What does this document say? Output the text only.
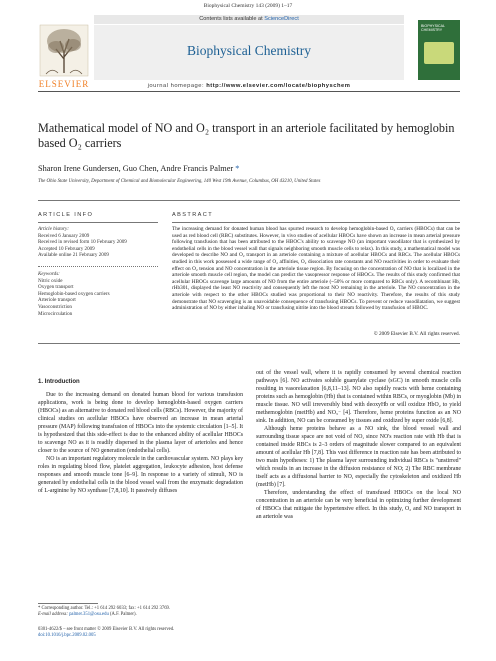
Biophysical Chemistry 143 (2009) 1–17
ELSEVIER
Contents lists available at ScienceDirect
Biophysical Chemistry
journal homepage: http://www.elsevier.com/locate/biophyschem
BIOPHYSICAL CHEMISTRY
Mathematical model of NO and O₂ transport in an arteriole facilitated by hemoglobin based O₂ carriers
Sharon Irene Gundersen, Guo Chen, Andre Francis Palmer *
The Ohio State University, Department of Chemical and Biomolecular Engineering, 140 West 19th Avenue, Columbus, OH 43210, United States
ARTICLE INFO	ABSTRACT
Article history:
Received 6 January 2009
Received in revised form 10 February 2009
Accepted 10 February 2009
Available online 21 February 2009
Keywords:
Nitric oxide
Oxygen transport
Hemoglobin-based oxygen carriers
Arteriole transport
Vasoconstriction
Microcirculation
The increasing demand for donated human blood has spurred research to develop hemoglobin-based O₂ carriers (HBOCs) that can be used as red blood cell (RBC) substitutes. However, in vivo studies of acellular HBOCs have shown an increase in mean arterial pressure following transfusion that has been attributed to the HBOC's ability to scavenge NO (an important vasodilator that is synthesized by endothelial cells in the blood vessel wall that signals neighboring smooth muscle cells to relax). In this study, a mathematical model was developed to describe NO and O₂ transport in an arteriole containing a mixture of acellular HBOCs and RBCs. The acellular HBOCs studied in this work possessed a wide range of O₂ affinities, O₂ dissociation rate constants and NO reactivities in order to evaluate their effect on O₂ tension and NO concentration in the arteriole tissue region. By focusing on the concentration of NO that is localized in the arteriole smooth muscle cell region, the model can predict the vasopressor response of HBOCs. The results of this study confirmed that acellular HBOCs scavenge large amounts of NO from the entire arteriole (~50% or more compared to RBCs only). A recombinant Hb, rHb301, displayed the least NO reactivity and consequently left the most NO remaining in the arteriole. The NO concentration in the arteriole with respect to the other HBOCs studied was proportional to their NO reactivity. Therefore, the results of this study demonstrate that NO scavenging is an unavoidable consequence of transfusing HBOCs. To prevent or reduce vasodilatation, we suggest administration of NO by either inhaling NO or transfusing nitrite into the blood stream followed by transfusion of HBOC.
© 2009 Elsevier B.V. All rights reserved.
1. Introduction

Due to the increasing demand on donated human blood for various transfusion applications, work is being done to develop hemoglobin-based oxygen carriers (HBOCs) as an alternative to donated red blood cells (RBCs). However, the majority of clinical studies on acellular HBOCs have observed an increase in mean arterial pressure (MAP) following transfusion of HBOCs into the systemic circulation [1–5]. It is hypothesized that this side-effect is due to the enhanced ability of acellular HBOCs to scavenge NO as it is readily dispersed in the plasma layer of arterioles and hence closer to the source of NO generation (endothelial cells).

NO is an important regulatory molecule in the cardiovascular system. NO plays key roles in regulating blood flow, platelet aggregation, leukocyte adhesion, host defense responses and smooth muscle tone [6–9]. In response to a variety of stimuli, NO is generated by endothelial cells in the blood vessel wall from the enzymatic degradation of L-arginine by NO synthase [7,8,10]. It passively diffuses

out of the vessel wall, where it is rapidly consumed by several chemical reaction pathways [6]. NO activates soluble guanylate cyclase (sGC) in smooth muscle cells resulting in vasorelaxation [6,8,11–13]. NO also rapidly reacts with heme containing proteins such as hemoglobin (Hb) that is contained within RBCs, or myoglobin (Mb) in muscle tissue. NO will irreversibly bind with deoxyHb or will oxidize HbO₂ to yield methemoglobin (metHb) and NO₃⁻ [4]. Therefore, heme proteins function as an NO sink. In addition, NO can be consumed by tissues and oxidized by super oxide [6,8].

Although heme proteins behave as a NO sink, the blood vessel wall and surrounding tissue space are not void of NO, since NO's reaction rate with Hb that is contained inside RBCs is 2–3 orders of magnitude slower compared to an equivalent amount of acellular Hb [7,8]. This vast difference in reaction rate has been attributed to two main hypotheses: 1) The plasma layer surrounding individual RBCs is "unstirred" which results in an increase in the diffusion resistance of NO; 2) The RBC membrane itself acts as a diffusional barrier to NO, especially the cytoskeleton and oxidized Hb (metHb) [7].

Therefore, understanding the effect of transfused HBOCs on the local NO concentration in an arteriole can be very beneficial in optimizing further development of HBOCs that mitigate the hypertensive effect. In this study, O₂ and NO transport in an arteriole was

* Corresponding author. Tel.: +1 614 292 6033; fax: +1 614 292 3769.
E-mail address: palmer.351@osu.edu (A.F. Palmer).
0301-4622/$ – see front matter © 2009 Elsevier B.V. All rights reserved.
doi:10.1016/j.bpc.2009.02.005
